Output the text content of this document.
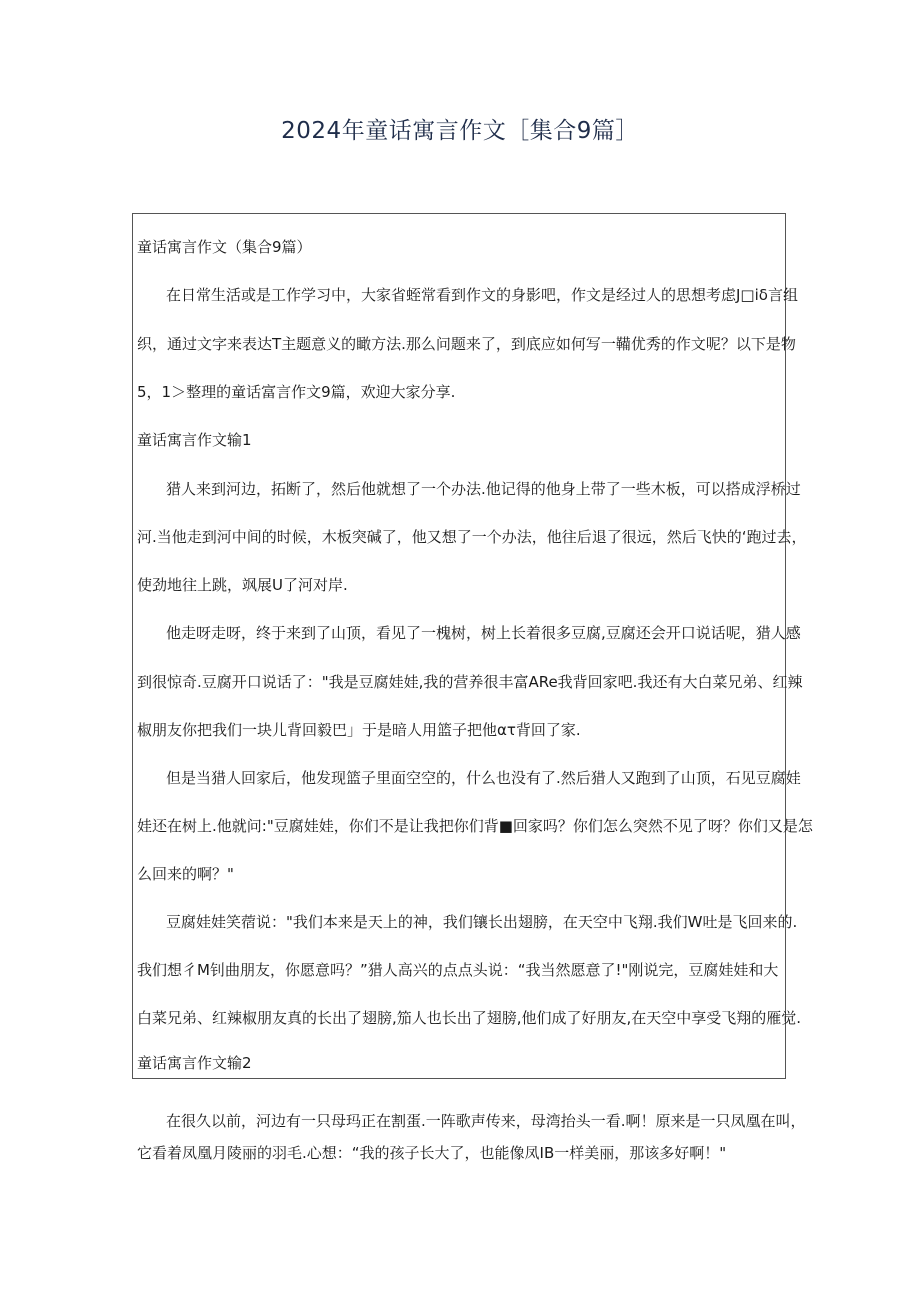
2024年童话寓言作文［集合9篇］

童话寓言作文（集合9篇）

在日常生活或是工作学习中，大家省蛭常看到作文的身影吧，作文是经过人的思想考虑J□iδ言组

织，通过文字来表达T主题意义的瞰方法.那么问题来了，到底应如何写一鞴优秀的作文呢？以下是物

5，1＞整理的童话富言作文9篇，欢迎大家分享.

童话寓言作文输1

猎人来到河边，拓断了，然后他就想了一个办法.他记得的他身上带了一些木板，可以搭成浮桥过

河.当他走到河中间的时候，木板突碱了，他又想了一个办法，他往后退了很远，然后飞快的‘跑过去，

使劲地往上跳，飒展U了河对岸.

他走呀走呀，终于来到了山顶，看见了一槐树，树上长着很多豆腐,豆腐还会开口说话呢，猎人感

到很惊奇.豆腐开口说话了："我是豆腐娃娃,我的营养很丰富ARe我背回家吧.我还有大白菜兄弟、红辣

椒朋友你把我们一块儿背回毅巴」于是暗人用篮子把他ατ背回了家.

但是当猎人回家后，他发现篮子里面空空的，什么也没有了.然后猎人又跑到了山顶，石见豆腐娃

娃还在树上.他就问:"豆腐娃娃，你们不是让我把你们背■回家吗？你们怎么突然不见了呀？你们又是怎

么回来的啊？"

豆腐娃娃笑蓿说："我们本来是天上的神，我们镶长出翅膀，在天空中飞翔.我们W吐是飞回来的.

我们想彳M钊曲朋友，你愿意吗？”猎人高兴的点点头说：“我当然愿意了!"刚说完，豆腐娃娃和大

白菜兄弟、红辣椒朋友真的长出了翅膀,笳人也长出了翅膀,他们成了好朋友,在天空中享受飞翔的雁觉.

童话寓言作文输2

在很久以前，河边有一只母玛正在割蛋.一阵歌声传来，母湾抬头一看.啊！原来是一只凤凰在叫，

它看着凤凰月陵丽的羽毛.心想：“我的孩子长大了，也能像凤IB一样美丽，那该多好啊！"
